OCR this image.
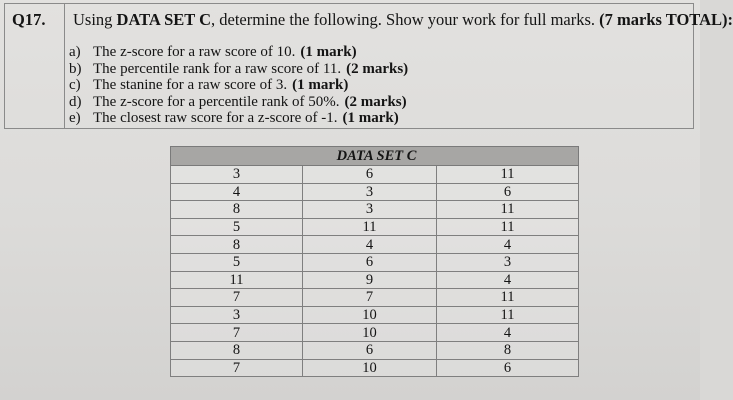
Q17. Using DATA SET C, determine the following. Show your work for full marks. (7 marks TOTAL):
a) The z-score for a raw score of 10. (1 mark)
b) The percentile rank for a raw score of 11. (2 marks)
c) The stanine for a raw score of 3. (1 mark)
d) The z-score for a percentile rank of 50%. (2 marks)
e) The closest raw score for a z-score of -1. (1 mark)
DATA SET C		
3	6	11
4	3	6
8	3	11
5	11	11
8	4	4
5	6	3
11	9	4
7	7	11
3	10	11
7	10	4
8	6	8
7	10	6
